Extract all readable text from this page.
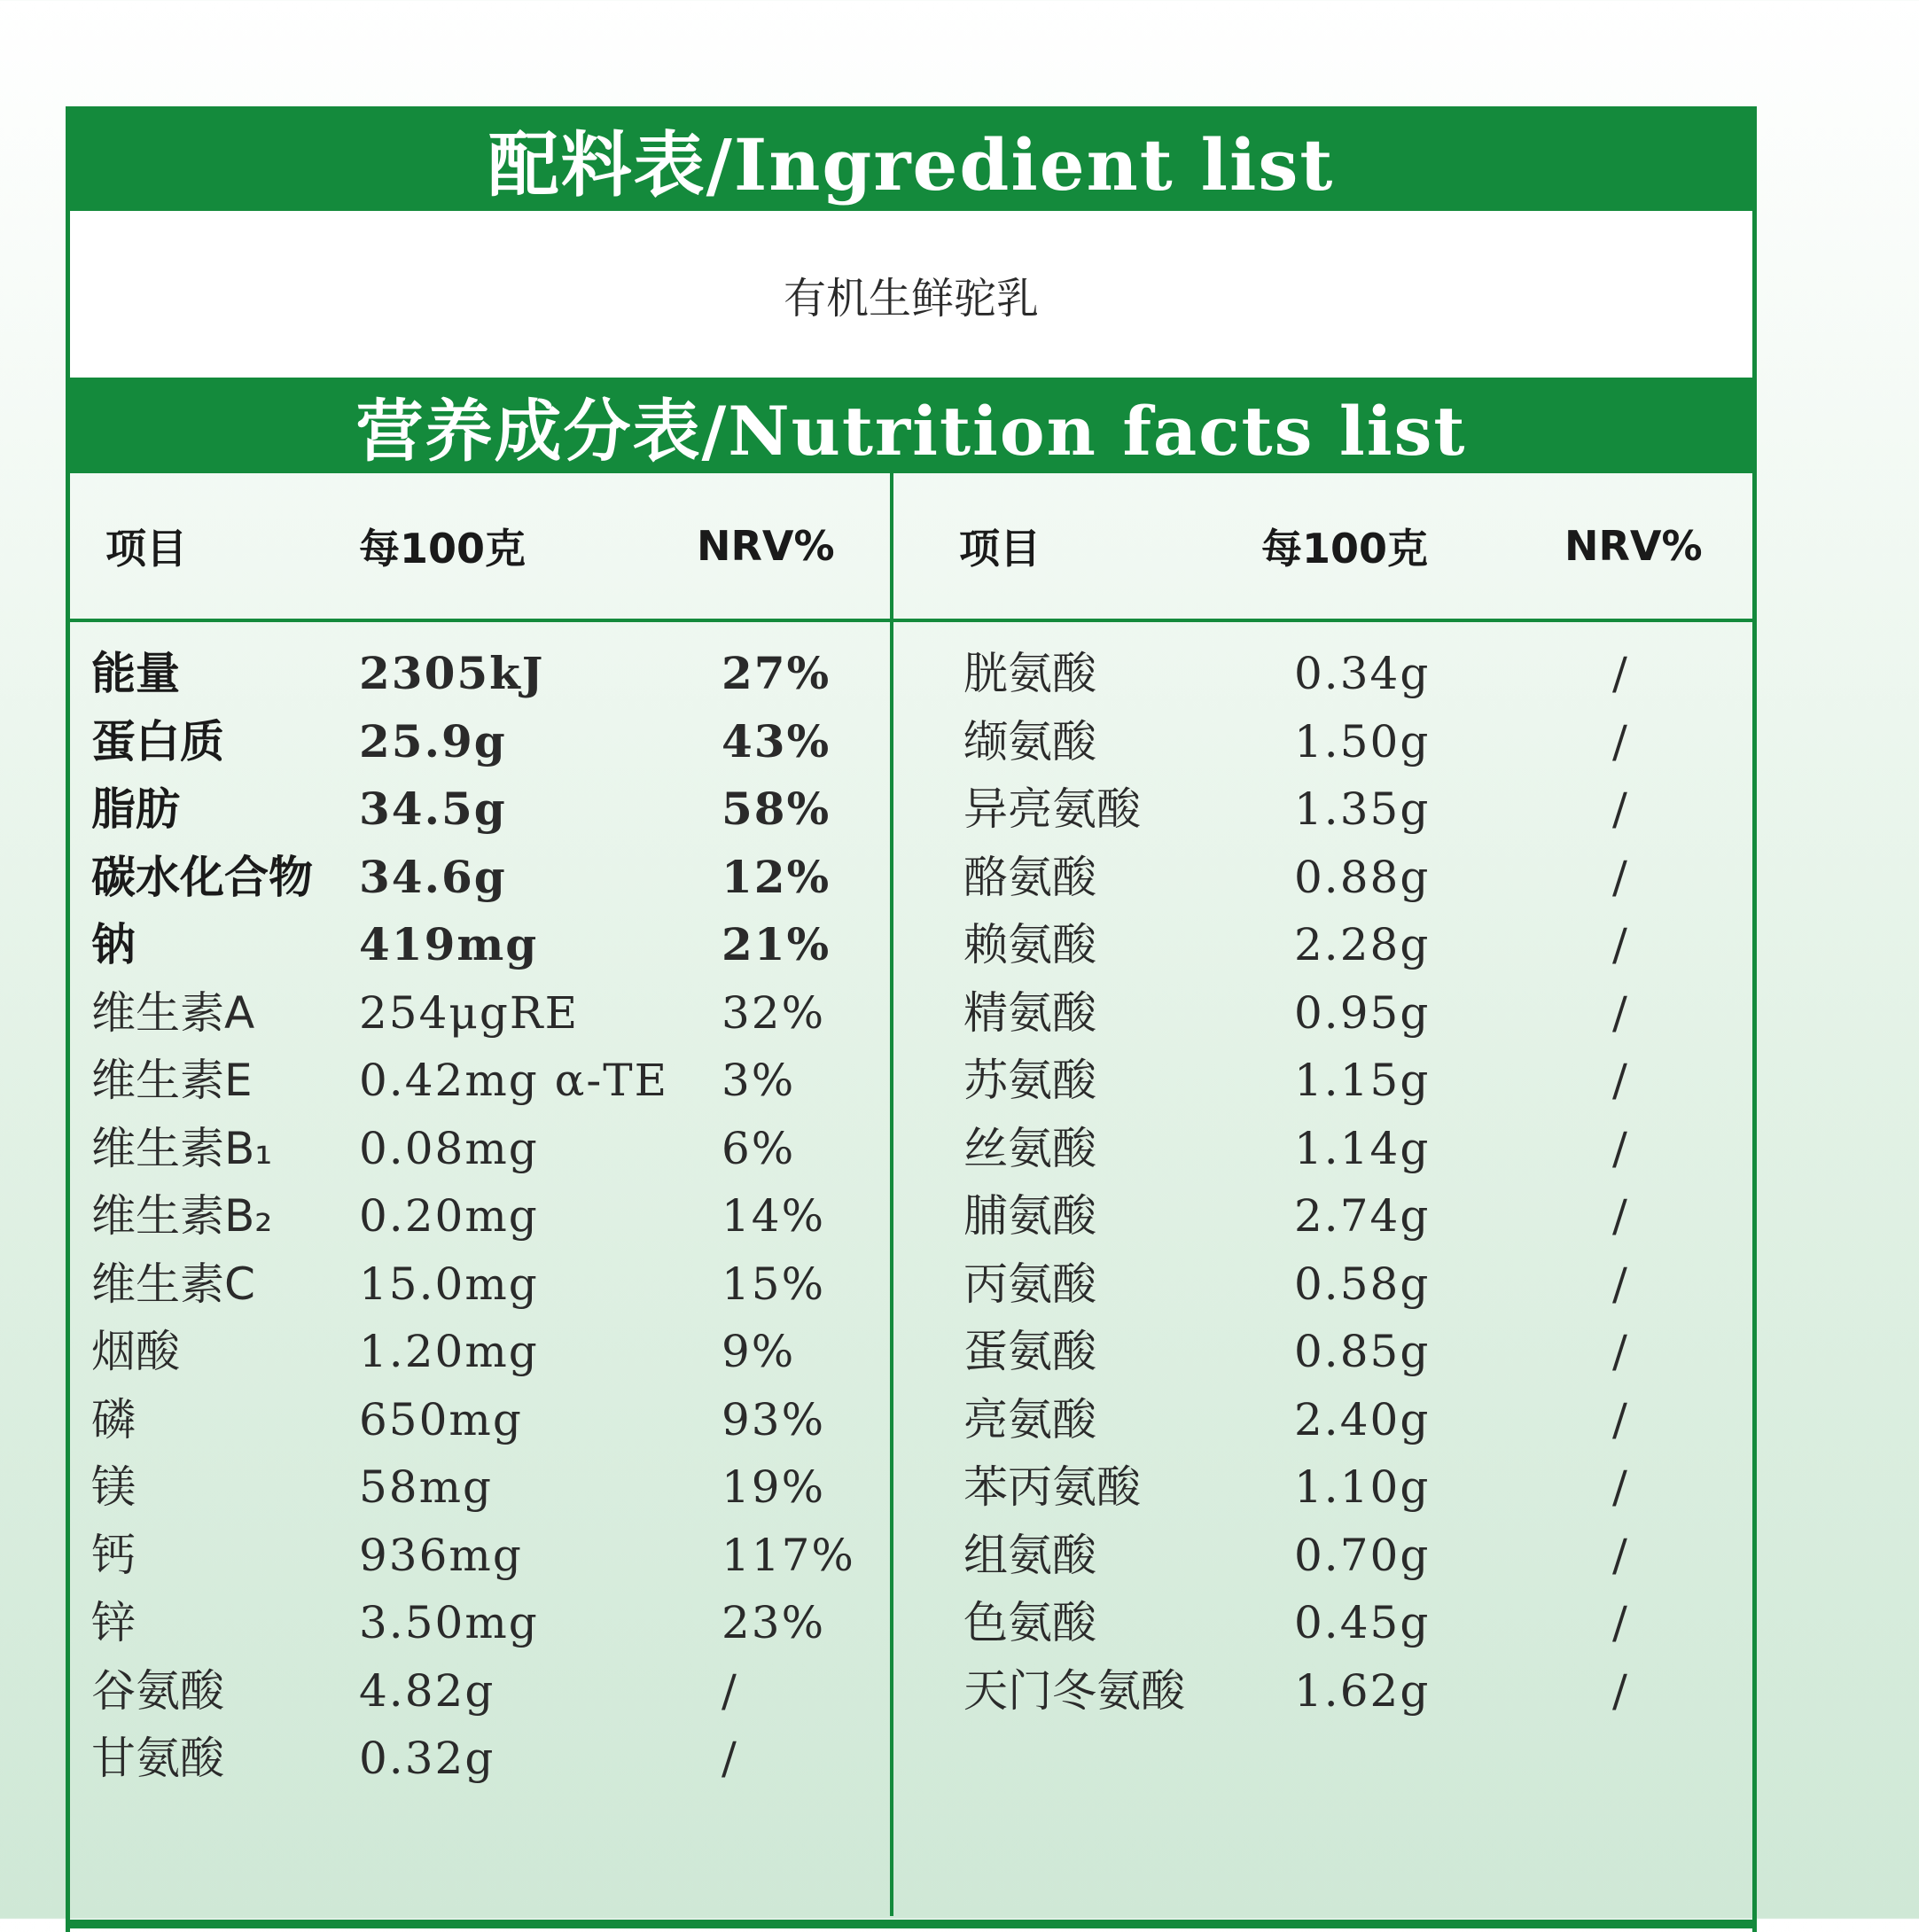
配料表/Ingredient list
有机生鲜驼乳
营养成分表/Nutrition facts list
项目	每100克	NRV%	项目	每100克	NRV%
能量	2305kJ	27%
蛋白质	25.9g	43%
脂肪	34.5g	58%
碳水化合物 34.6g	12%
钠	419mg	21%
维生素A 254μgRE	32%
维生素E 0.42mg α-TE 3%
维生素B₁ 0.08mg	6%
维生素B₂ 0.20mg	14%
维生素C 15.0mg	15%
烟酸	1.20mg	9%
磷	650mg	93%
镁	58mg	19%
钙	936mg	117%
锌	3.50mg	23%
谷氨酸	4.82g	/
甘氨酸	0.32g	/
胱氨酸	0.34g	/
缬氨酸	1.50g	/
异亮氨酸	1.35g	/
酪氨酸	0.88g	/
赖氨酸	2.28g	/
精氨酸	0.95g	/
苏氨酸	1.15g	/
丝氨酸	1.14g	/
脯氨酸	2.74g	/
丙氨酸	0.58g	/
蛋氨酸	0.85g	/
亮氨酸	2.40g	/
苯丙氨酸	1.10g	/
组氨酸	0.70g	/
色氨酸	0.45g	/
天门冬氨酸 1.62g	/
